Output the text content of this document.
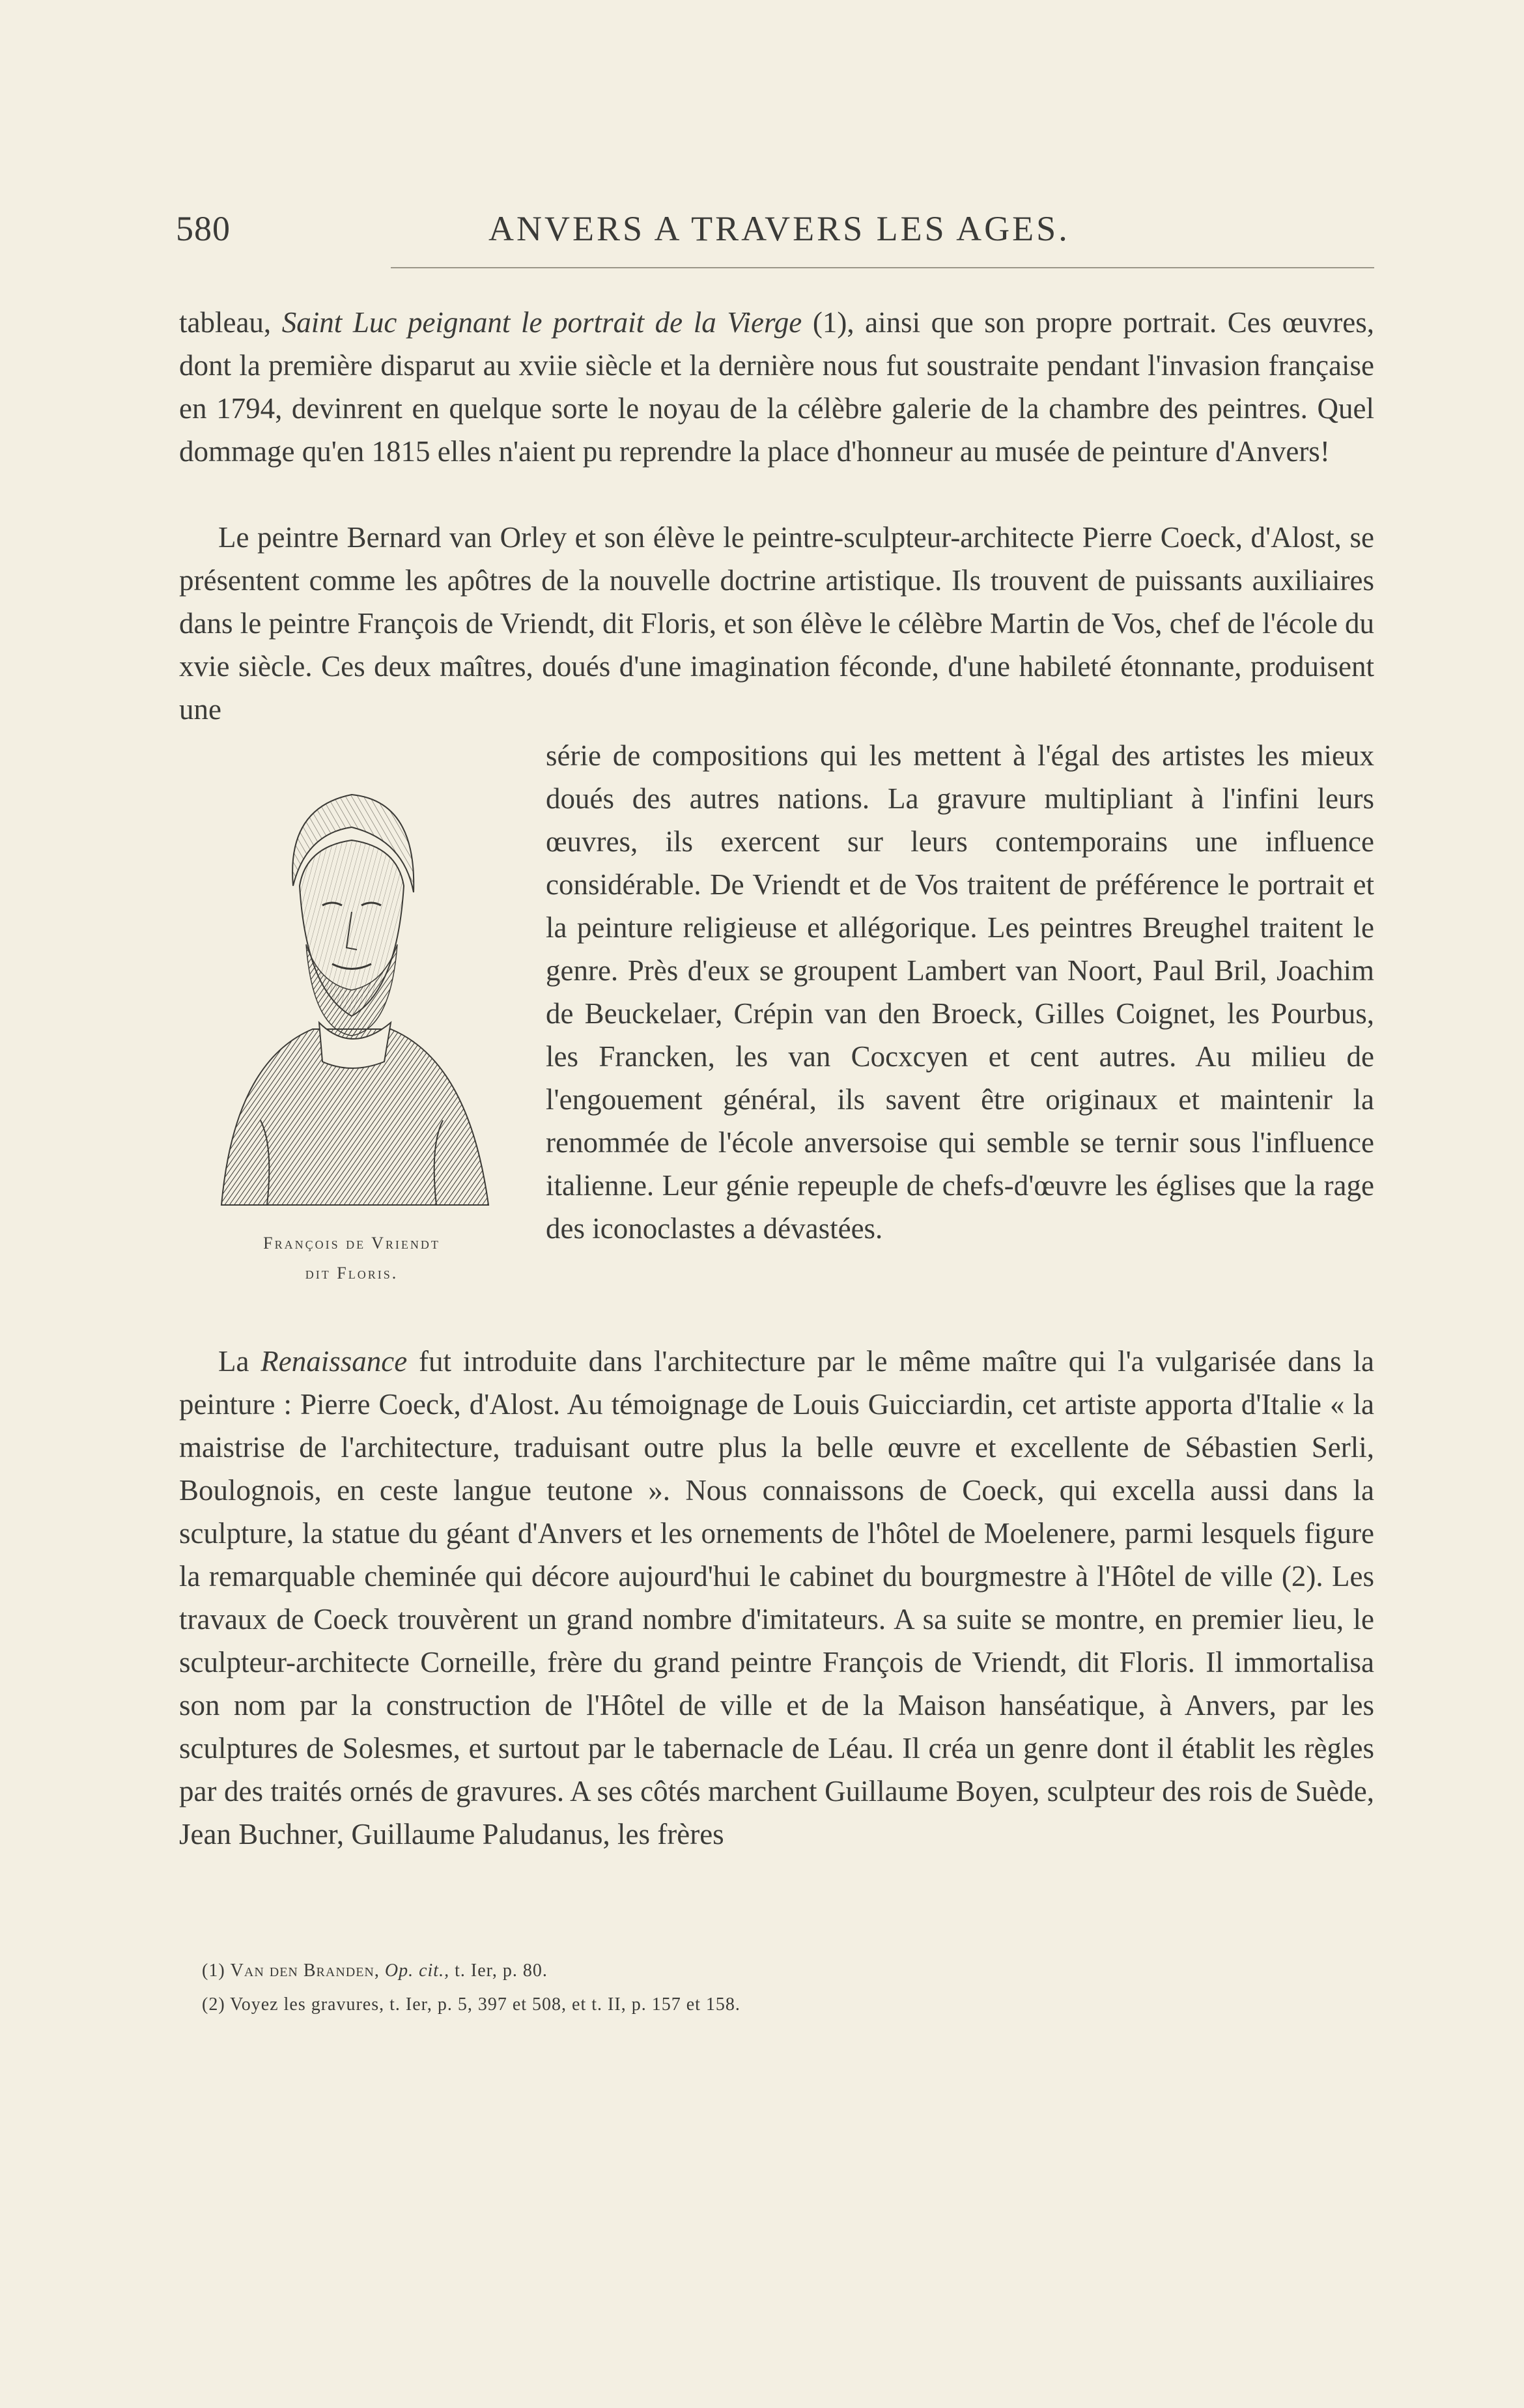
580	ANVERS A TRAVERS LES AGES.

tableau, Saint Luc peignant le portrait de la Vierge (1), ainsi que son propre portrait. Ces œuvres, dont la première disparut au xviie siècle et la dernière nous fut soustraite pendant l'invasion française en 1794, devinrent en quelque sorte le noyau de la célèbre galerie de la chambre des peintres. Quel dommage qu'en 1815 elles n'aient pu reprendre la place d'honneur au musée de peinture d'Anvers!

Le peintre Bernard van Orley et son élève le peintre-sculpteur-architecte Pierre Coeck, d'Alost, se présentent comme les apôtres de la nouvelle doctrine artistique. Ils trouvent de puissants auxiliaires dans le peintre François de Vriendt, dit Floris, et son élève le célèbre Martin de Vos, chef de l'école du xvie siècle. Ces deux maîtres, doués d'une imagination féconde, d'une habileté étonnante, produisent une

série de compositions qui les mettent à l'égal des artistes les mieux doués des autres nations. La gravure multipliant à l'infini leurs œuvres, ils exercent sur leurs contemporains une influence considérable. De Vriendt et de Vos traitent de préférence le portrait et la peinture religieuse et allégorique. Les peintres Breughel traitent le genre. Près d'eux se groupent Lambert van Noort, Paul Bril, Joachim de Beuckelaer, Crépin van den Broeck, Gilles Coignet, les Pourbus, les Francken, les van Cocxcyen et cent autres. Au milieu de l'engouement général, ils savent être originaux et maintenir la renommée de l'école anversoise qui semble se ternir sous l'influence italienne. Leur génie repeuple de chefs-d'œuvre les églises que la rage des iconoclastes a dévastées.

François de Vriendt
dit Floris.

La Renaissance fut introduite dans l'architecture par le même maître qui l'a vulgarisée dans la peinture : Pierre Coeck, d'Alost. Au témoignage de Louis Guicciardin, cet artiste apporta d'Italie « la maistrise de l'architecture, traduisant outre plus la belle œuvre et excellente de Sébastien Serli, Boulognois, en ceste langue teutone ». Nous connaissons de Coeck, qui excella aussi dans la sculpture, la statue du géant d'Anvers et les ornements de l'hôtel de Moelenere, parmi lesquels figure la remarquable cheminée qui décore aujourd'hui le cabinet du bourgmestre à l'Hôtel de ville (2). Les travaux de Coeck trouvèrent un grand nombre d'imitateurs. A sa suite se montre, en premier lieu, le sculpteur-architecte Corneille, frère du grand peintre François de Vriendt, dit Floris. Il immortalisa son nom par la construction de l'Hôtel de ville et de la Maison hanséatique, à Anvers, par les sculptures de Solesmes, et surtout par le tabernacle de Léau. Il créa un genre dont il établit les règles par des traités ornés de gravures. A ses côtés marchent Guillaume Boyen, sculpteur des rois de Suède, Jean Buchner, Guillaume Paludanus, les frères

(1) Van den Branden, Op. cit., t. Ier, p. 80.

(2) Voyez les gravures, t. Ier, p. 5, 397 et 508, et t. II, p. 157 et 158.
